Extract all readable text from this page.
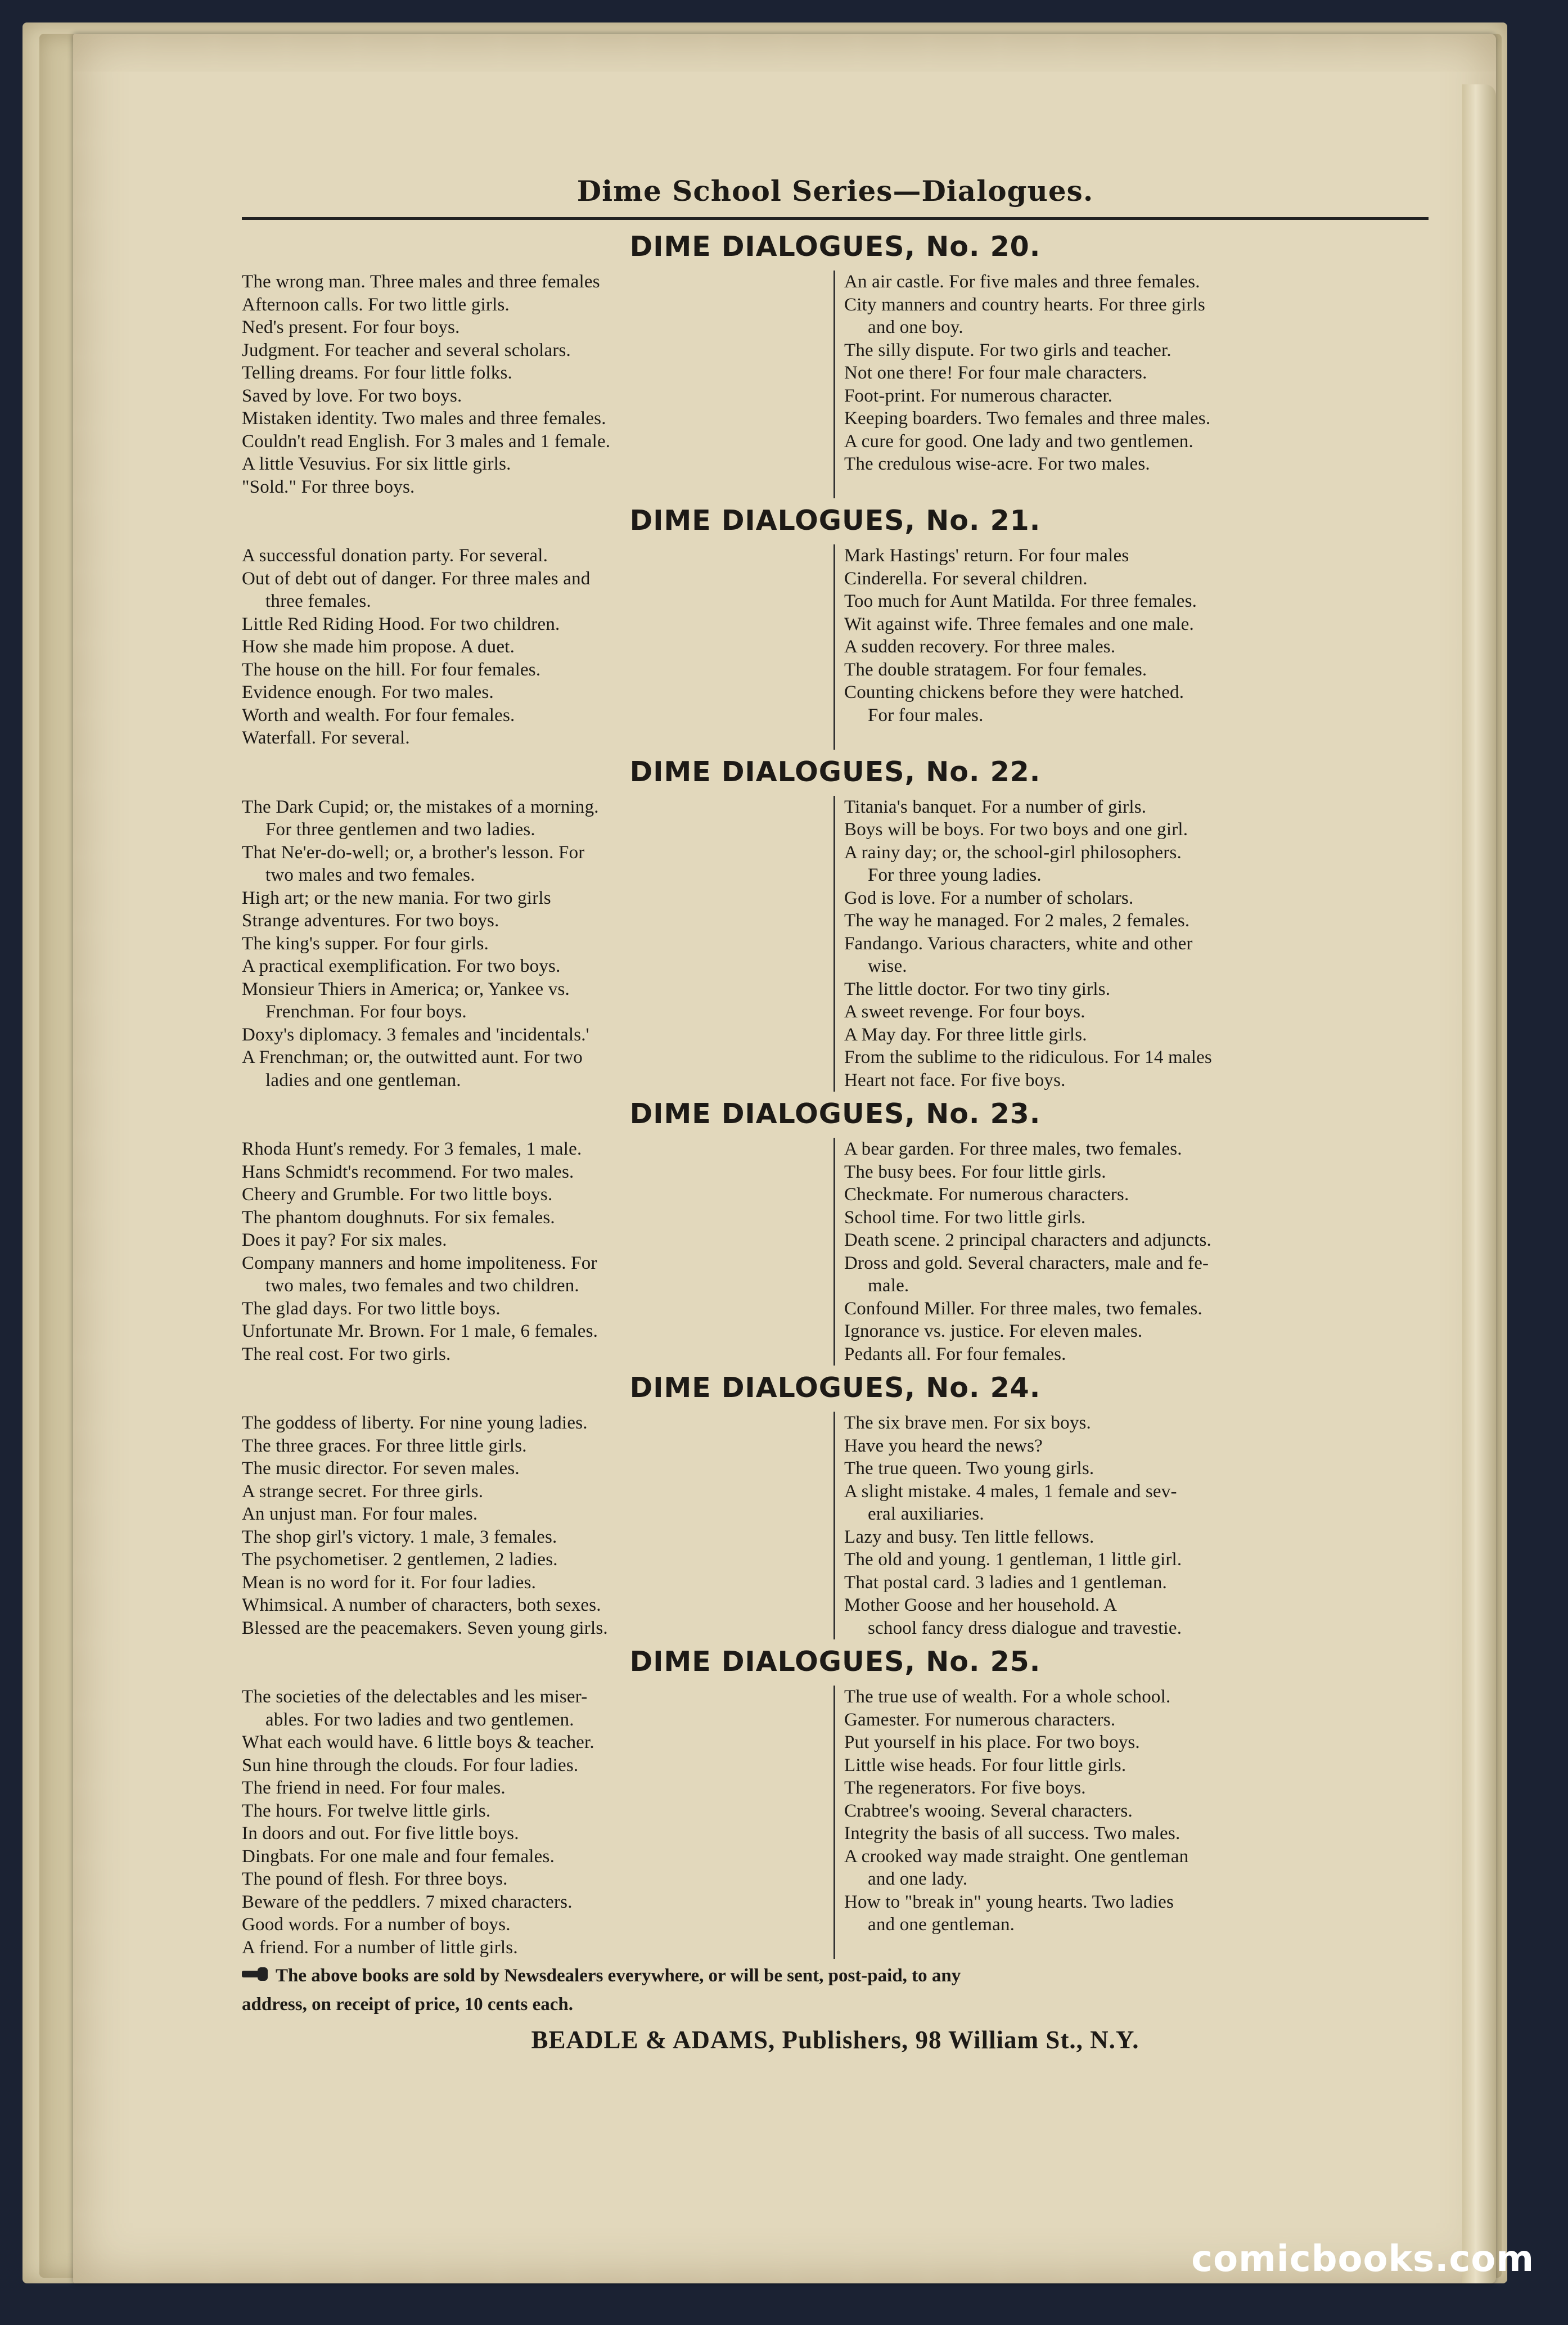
Dime School Series—Dialogues.
DIME DIALOGUES, No. 20.
The wrong man. Three males and three females
Afternoon calls. For two little girls.
Ned's present. For four boys.
Judgment. For teacher and several scholars.
Telling dreams. For four little folks.
Saved by love. For two boys.
Mistaken identity. Two males and three females.
Couldn't read English. For 3 males and 1 female.
A little Vesuvius. For six little girls.
"Sold." For three boys.
An air castle. For five males and three females.
City manners and country hearts. For three girls
and one boy.
The silly dispute. For two girls and teacher.
Not one there! For four male characters.
Foot-print. For numerous character.
Keeping boarders. Two females and three males.
A cure for good. One lady and two gentlemen.
The credulous wise-acre. For two males.
DIME DIALOGUES, No. 21.
A successful donation party. For several.
Out of debt out of danger. For three males and
three females.
Little Red Riding Hood. For two children.
How she made him propose. A duet.
The house on the hill. For four females.
Evidence enough. For two males.
Worth and wealth. For four females.
Waterfall. For several.
Mark Hastings' return. For four males
Cinderella. For several children.
Too much for Aunt Matilda. For three females.
Wit against wife. Three females and one male.
A sudden recovery. For three males.
The double stratagem. For four females.
Counting chickens before they were hatched.
For four males.
DIME DIALOGUES, No. 22.
The Dark Cupid; or, the mistakes of a morning.
For three gentlemen and two ladies.
That Ne'er-do-well; or, a brother's lesson. For
two males and two females.
High art; or the new mania. For two girls
Strange adventures. For two boys.
The king's supper. For four girls.
A practical exemplification. For two boys.
Monsieur Thiers in America; or, Yankee vs.
Frenchman. For four boys.
Doxy's diplomacy. 3 females and 'incidentals.'
A Frenchman; or, the outwitted aunt. For two
ladies and one gentleman.
Titania's banquet. For a number of girls.
Boys will be boys. For two boys and one girl.
A rainy day; or, the school-girl philosophers.
For three young ladies.
God is love. For a number of scholars.
The way he managed. For 2 males, 2 females.
Fandango. Various characters, white and other
wise.
The little doctor. For two tiny girls.
A sweet revenge. For four boys.
A May day. For three little girls.
From the sublime to the ridiculous. For 14 males
Heart not face. For five boys.
DIME DIALOGUES, No. 23.
Rhoda Hunt's remedy. For 3 females, 1 male.
Hans Schmidt's recommend. For two males.
Cheery and Grumble. For two little boys.
The phantom doughnuts. For six females.
Does it pay? For six males.
Company manners and home impoliteness. For
two males, two females and two children.
The glad days. For two little boys.
Unfortunate Mr. Brown. For 1 male, 6 females.
The real cost. For two girls.
A bear garden. For three males, two females.
The busy bees. For four little girls.
Checkmate. For numerous characters.
School time. For two little girls.
Death scene. 2 principal characters and adjuncts.
Dross and gold. Several characters, male and fe-
male.
Confound Miller. For three males, two females.
Ignorance vs. justice. For eleven males.
Pedants all. For four females.
DIME DIALOGUES, No. 24.
The goddess of liberty. For nine young ladies.
The three graces. For three little girls.
The music director. For seven males.
A strange secret. For three girls.
An unjust man. For four males.
The shop girl's victory. 1 male, 3 females.
The psychometiser. 2 gentlemen, 2 ladies.
Mean is no word for it. For four ladies.
Whimsical. A number of characters, both sexes.
Blessed are the peacemakers. Seven young girls.
The six brave men. For six boys.
Have you heard the news?
The true queen. Two young girls.
A slight mistake. 4 males, 1 female and sev-
eral auxiliaries.
Lazy and busy. Ten little fellows.
The old and young. 1 gentleman, 1 little girl.
That postal card. 3 ladies and 1 gentleman.
Mother Goose and her household. A
school fancy dress dialogue and travestie.
DIME DIALOGUES, No. 25.
The societies of the delectables and les miser-
ables. For two ladies and two gentlemen.
What each would have. 6 little boys & teacher.
Sun hine through the clouds. For four ladies.
The friend in need. For four males.
The hours. For twelve little girls.
In doors and out. For five little boys.
Dingbats. For one male and four females.
The pound of flesh. For three boys.
Beware of the peddlers. 7 mixed characters.
Good words. For a number of boys.
A friend. For a number of little girls.
The true use of wealth. For a whole school.
Gamester. For numerous characters.
Put yourself in his place. For two boys.
Little wise heads. For four little girls.
The regenerators. For five boys.
Crabtree's wooing. Several characters.
Integrity the basis of all success. Two males.
A crooked way made straight. One gentleman
and one lady.
How to "break in" young hearts. Two ladies
and one gentleman.
The above books are sold by Newsdealers everywhere, or will be sent, post-paid, to any
address, on receipt of price, 10 cents each.
BEADLE & ADAMS, Publishers, 98 William St., N.Y.
comicbooks.com
